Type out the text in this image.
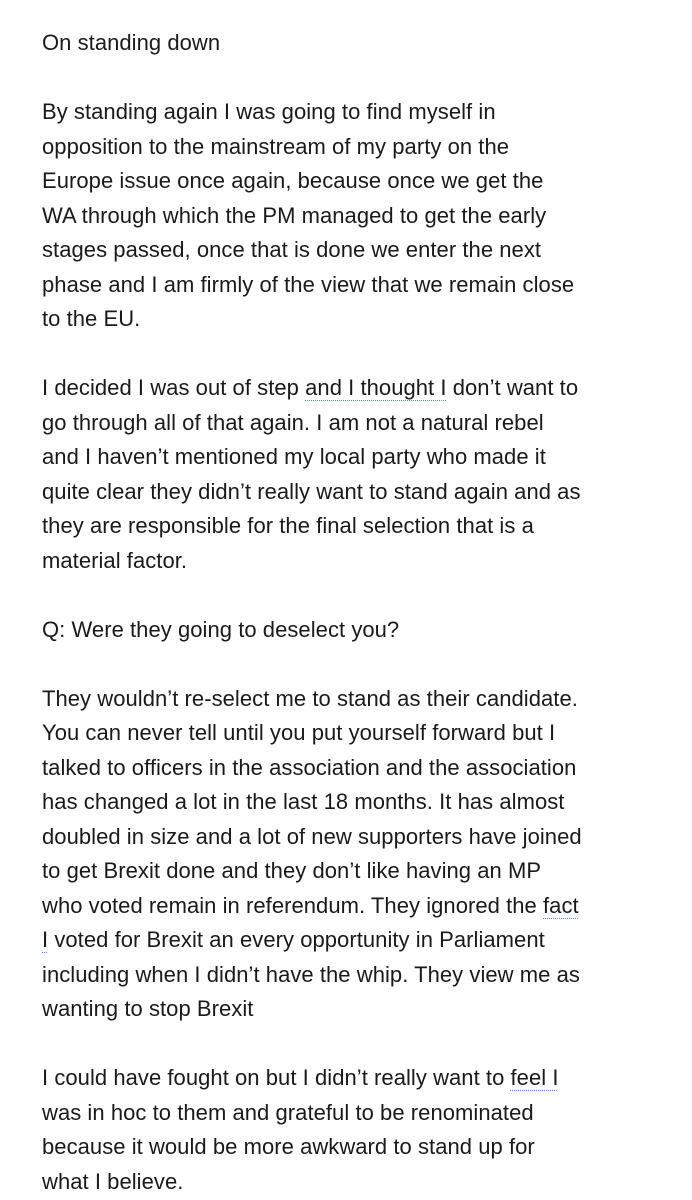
On standing down
By standing again I was going to find myself in
opposition to the mainstream of my party on the
Europe issue once again, because once we get the
WA through which the PM managed to get the early
stages passed, once that is done we enter the next
phase and I am firmly of the view that we remain close
to the EU.
I decided I was out of step and I thought I don’t want to
go through all of that again. I am not a natural rebel
and I haven’t mentioned my local party who made it
quite clear they didn’t really want to stand again and as
they are responsible for the final selection that is a
material factor.
Q: Were they going to deselect you?
They wouldn’t re-select me to stand as their candidate.
You can never tell until you put yourself forward but I
talked to officers in the association and the association
has changed a lot in the last 18 months. It has almost
doubled in size and a lot of new supporters have joined
to get Brexit done and they don’t like having an MP
who voted remain in referendum. They ignored the fact
I voted for Brexit an every opportunity in Parliament
including when I didn’t have the whip. They view me as
wanting to stop Brexit
I could have fought on but I didn’t really want to feel I
was in hoc to them and grateful to be renominated
because it would be more awkward to stand up for
what I believe.
